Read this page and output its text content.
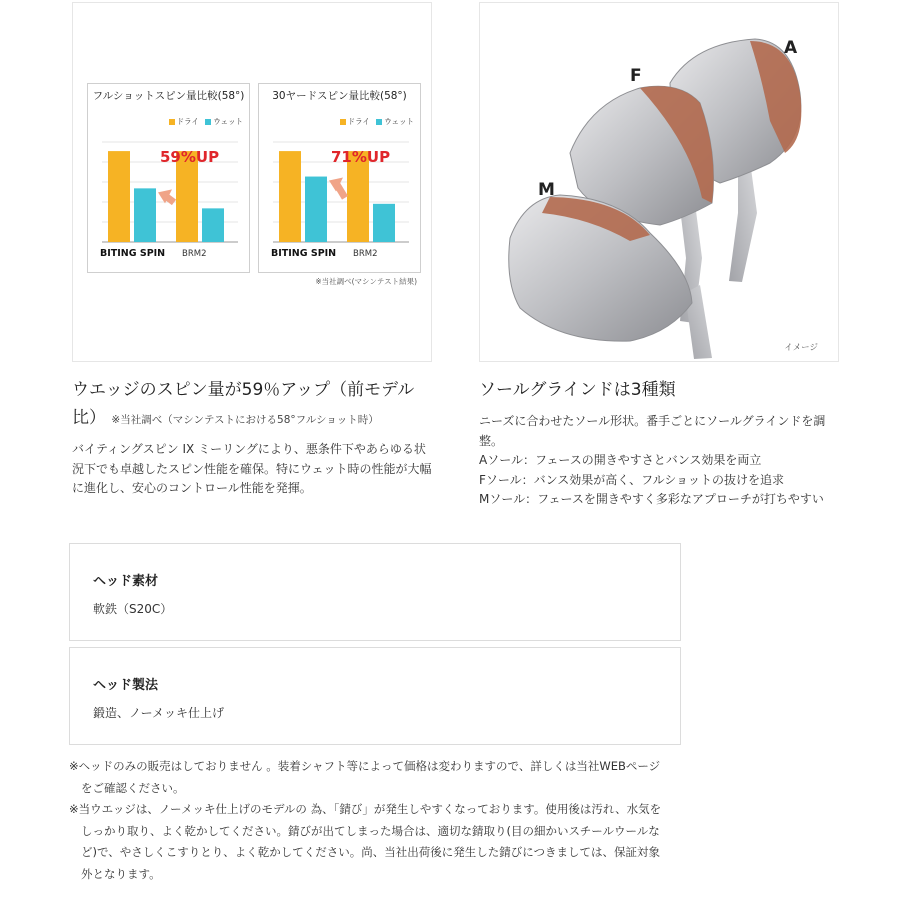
フルショットスピン量比較(58°)
ドライ ウェット
BITING SPIN BRM2
59%UP
30ヤードスピン量比較(58°)
ドライ ウェット
BITING SPIN BRM2
71%UP
※当社調べ(マシンテスト結果)
A
F
M
イメージ
ウエッジのスピン量が59％アップ（前モデル比） ※当社調べ（マシンテストにおける58°フルショット時）
バイティングスピン IX ミーリングにより、悪条件下やあらゆる状況下でも卓越したスピン性能を確保。特にウェット時の性能が大幅に進化し、安心のコントロール性能を発揮。
ソールグラインドは3種類
ニーズに合わせたソール形状。番手ごとにソールグラインドを調整。
Aソール：フェースの開きやすさとバンス効果を両立
Fソール：バンス効果が高く、フルショットの抜けを追求
Mソール：フェースを開きやすく多彩なアプローチが打ちやすい
ヘッド素材
軟鉄（S20C）
ヘッド製法
鍛造、ノーメッキ仕上げ

※ヘッドのみの販売はしておりません 。装着シャフト等によって価格は変わりますので、詳しくは当社WEBページをご確認ください。

※当ウエッジは、ノーメッキ仕上げのモデルの 為、「錆び」が発生しやすくなっております。使用後は汚れ、水気をしっかり取り、よく乾かしてください。錆びが出てしまった場合は、適切な錆取り(目の細かいスチールウールなど)で、やさしくこすりとり、よく乾かしてください。尚、当社出荷後に発生した錆びにつきましては、保証対象外となります。
